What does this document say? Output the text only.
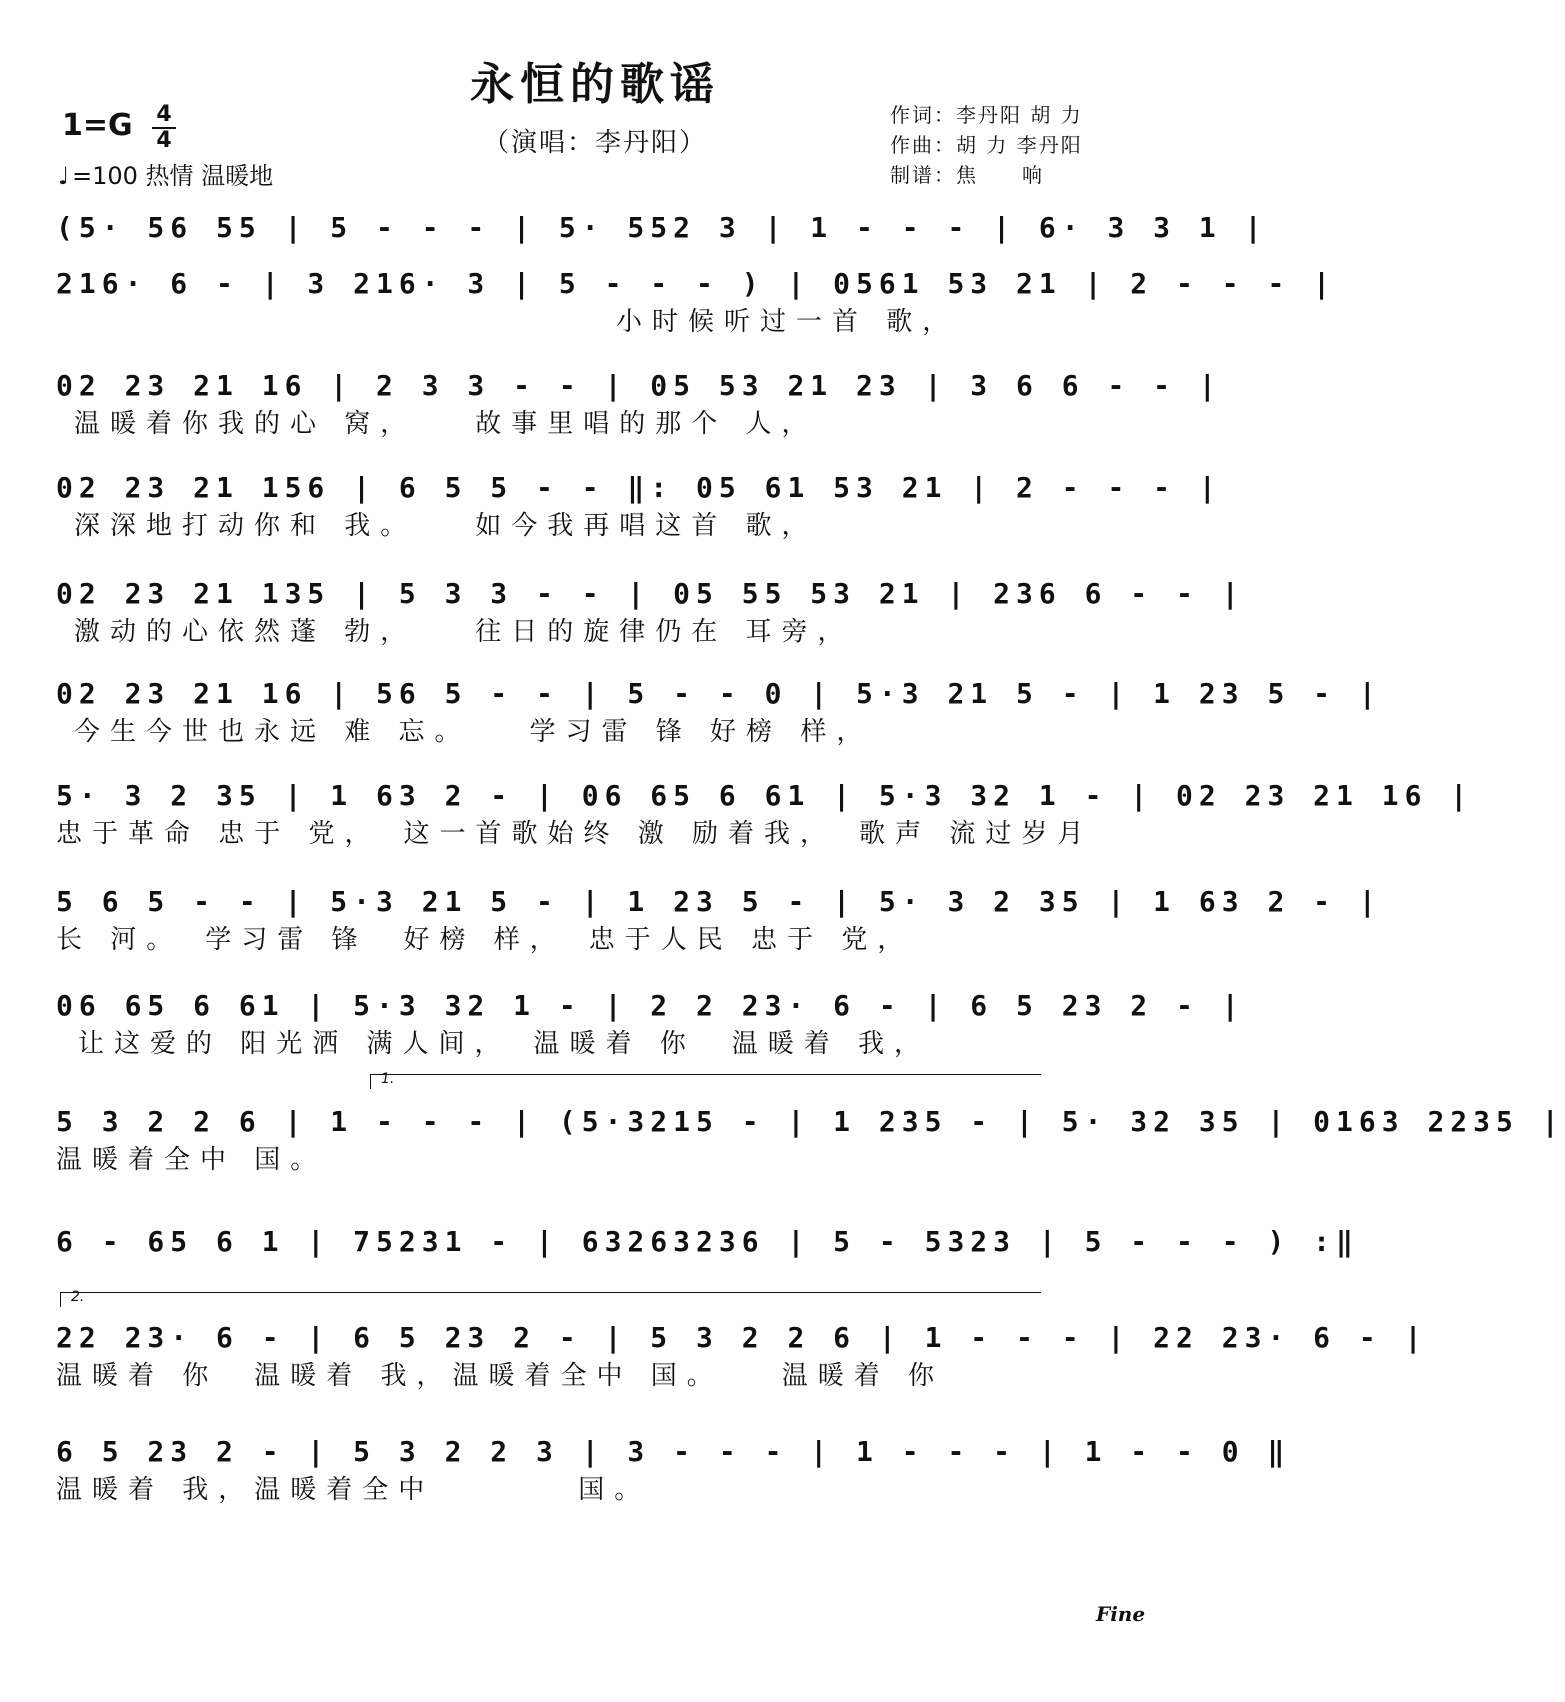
永恒的歌谣
（演唱：李丹阳）
1=G 4
4
♩ =100 热情 温暖地
作词：李丹阳 胡 力
作曲：胡 力 李丹阳
制谱：焦　　响
(5· 56 55 | 5 - - - | 5· 552 3 | 1 - - - | 6· 3 3 1 |
216· 6 - | 3 216· 3 | 5 - - - ) | 0561 53 21 | 2 - - - |
小时候听过一首 歌，
02 23 21 16 | 2 3 3 - - | 05 53 21 23 | 3 6 6 - - |
温暖着你我的心 窝，　　故事里唱的那个 人，
02 23 21 156 | 6 5 5 - - ‖: 05 61 53 21 | 2 - - - |
深深地打动你和 我。　　如今我再唱这首 歌，
02 23 21 135 | 5 3 3 - - | 05 55 53 21 | 236 6 - - |
激动的心依然蓬 勃，　　往日的旋律仍在 耳旁，
02 23 21 16 | 56 5 - - | 5 - - 0 | 5·3 21 5 - | 1 23 5 - |
今生今世也永远 难 忘。　　学习雷 锋 好榜 样，
5· 3 2 35 | 1 63 2 - | 06 65 6 61 | 5·3 32 1 - | 02 23 21 16 |
忠于革命 忠于 党，　这一首歌始终 激 励着我，　歌声 流过岁月
5 6 5 - - | 5·3 21 5 - | 1 23 5 - | 5· 3 2 35 | 1 63 2 - |
长 河。　学习雷 锋　好榜 样，　忠于人民 忠于 党，
06 65 6 61 | 5·3 32 1 - | 2 2 23· 6 - | 6 5 23 2 - |
让这爱的 阳光洒 满人间，　温暖着 你　温暖着 我，
1.
5 3 2 2 6 | 1 - - - | (5·3215 - | 1 235 - | 5· 32 35 | 0163 2235 |
温暖着全中 国。
6 - 65 6 1 | 75231 - | 63263236 | 5 - 5323 | 5 - - - ) :‖
2.
22 23· 6 - | 6 5 23 2 - | 5 3 2 2 6 | 1 - - - | 22 23· 6 - |
温暖着 你　温暖着 我，温暖着全中 国。　　温暖着 你
6 5 23 2 - | 5 3 2 2 3 | 3 - - - | 1 - - - | 1 - - 0 ‖
温暖着 我，温暖着全中　　　　国。
Fine
